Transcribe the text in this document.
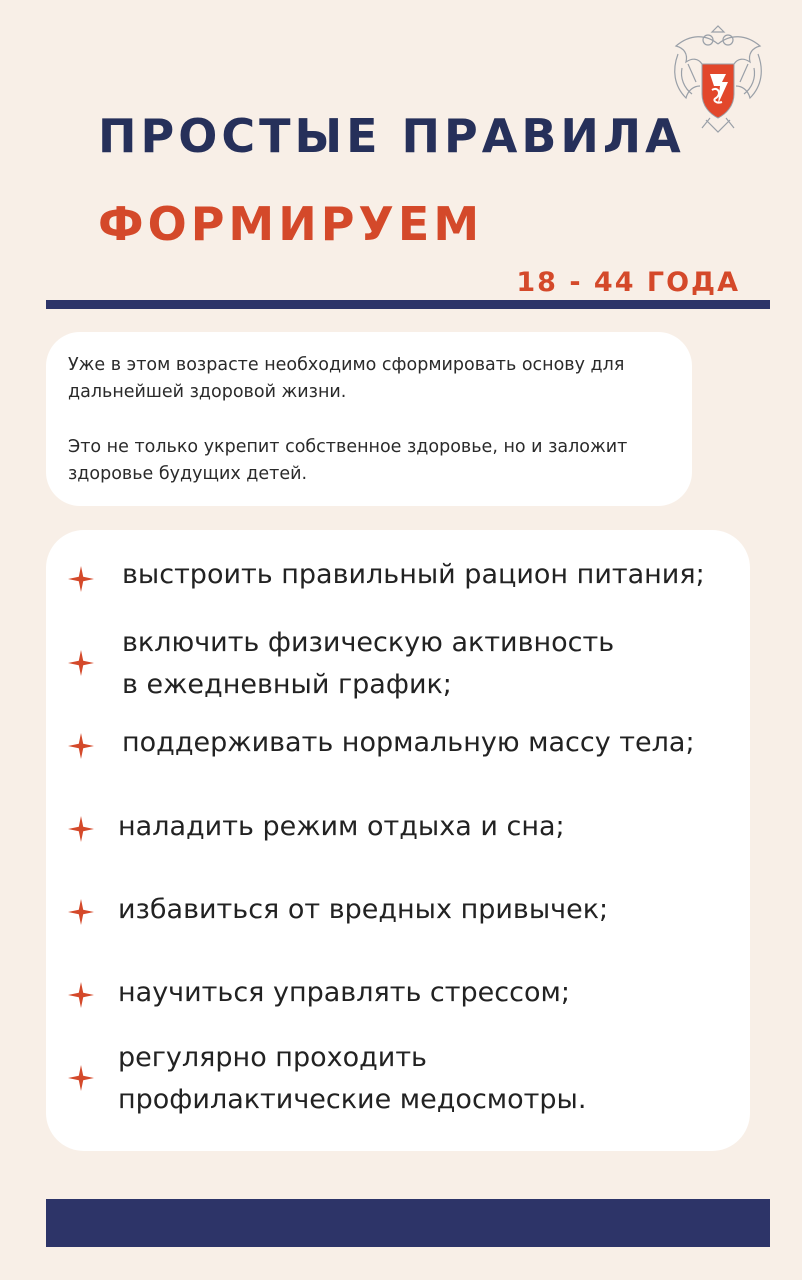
ПРОСТЫЕ ПРАВИЛА
ФОРМИРУЕМ
18 - 44 ГОДА

Уже в этом возрасте необходимо сформировать основу для дальнейшей здоровой жизни.

Это не только укрепит собственное здоровье, но и заложит здоровье будущих детей.

выстроить правильный рацион питания;
включить физическую активность
в ежедневный график;
поддерживать нормальную массу тела;
наладить режим отдыха и сна;
избавиться от вредных привычек;
научиться управлять стрессом;
регулярно проходить
профилактические медосмотры.
